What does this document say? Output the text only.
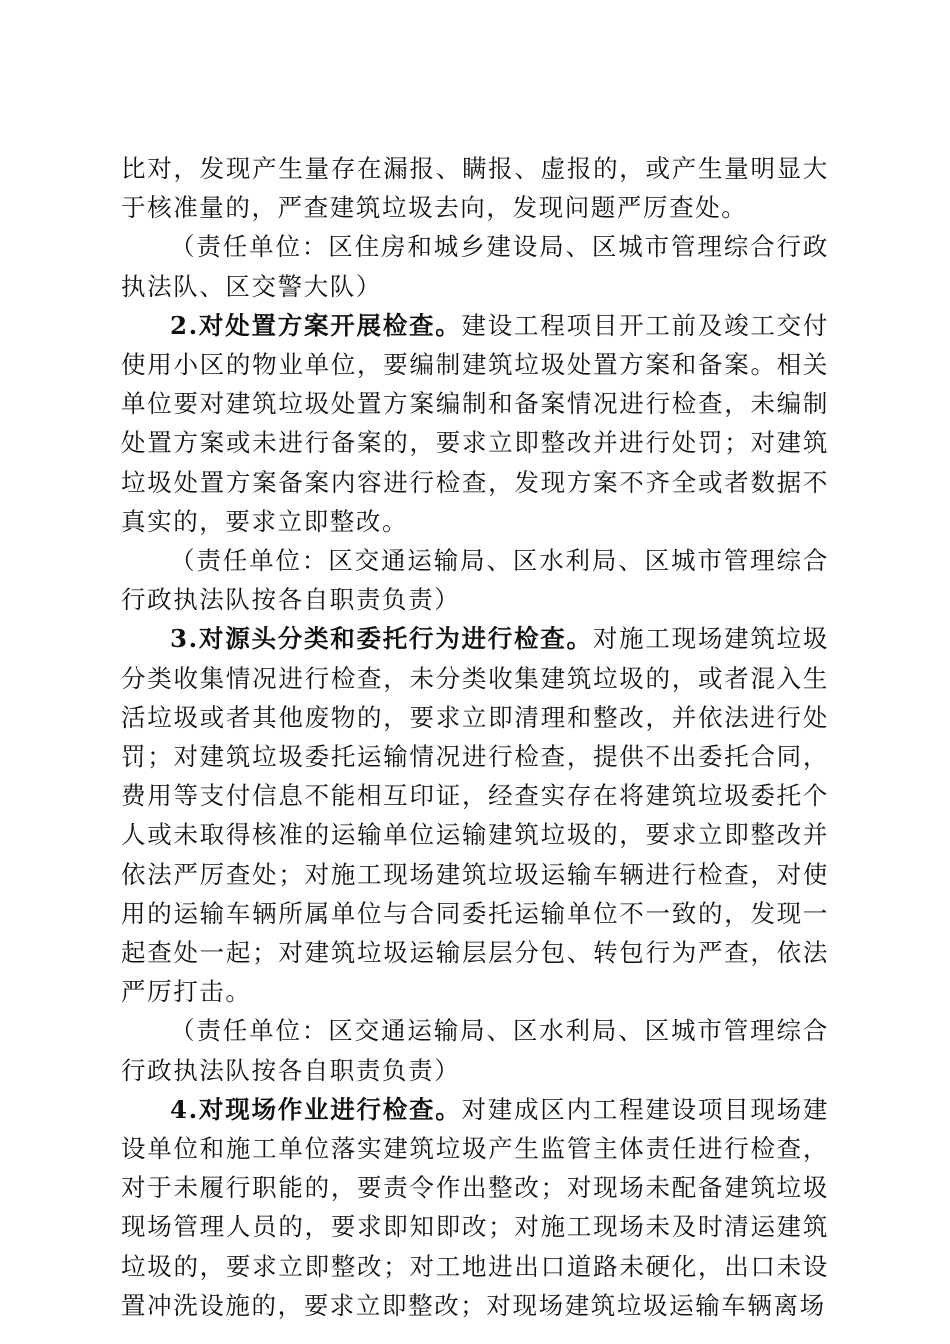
比对，发现产生量存在漏报、瞒报、虚报的，或产生量明显大于核准量的，严查建筑垃圾去向，发现问题严厉查处。

（责任单位：区住房和城乡建设局、区城市管理综合行政执法队、区交警大队）

2.对处置方案开展检查。建设工程项目开工前及竣工交付使用小区的物业单位，要编制建筑垃圾处置方案和备案。相关单位要对建筑垃圾处置方案编制和备案情况进行检查，未编制处置方案或未进行备案的，要求立即整改并进行处罚；对建筑垃圾处置方案备案内容进行检查，发现方案不齐全或者数据不真实的，要求立即整改。

（责任单位：区交通运输局、区水利局、区城市管理综合行政执法队按各自职责负责）

3.对源头分类和委托行为进行检查。对施工现场建筑垃圾分类收集情况进行检查，未分类收集建筑垃圾的，或者混入生活垃圾或者其他废物的，要求立即清理和整改，并依法进行处罚；对建筑垃圾委托运输情况进行检查，提供不出委托合同，费用等支付信息不能相互印证，经查实存在将建筑垃圾委托个人或未取得核准的运输单位运输建筑垃圾的，要求立即整改并依法严厉查处；对施工现场建筑垃圾运输车辆进行检查，对使用的运输车辆所属单位与合同委托运输单位不一致的，发现一起查处一起；对建筑垃圾运输层层分包、转包行为严查，依法严厉打击。

（责任单位：区交通运输局、区水利局、区城市管理综合行政执法队按各自职责负责）

4.对现场作业进行检查。对建成区内工程建设项目现场建设单位和施工单位落实建筑垃圾产生监管主体责任进行检查，对于未履行职能的，要责令作出整改；对现场未配备建筑垃圾现场管理人员的，要求即知即改；对施工现场未及时清运建筑垃圾的，要求立即整改；对工地进出口道路未硬化，出口未设置冲洗设施的，要求立即整改；对现场建筑垃圾运输车辆离场
